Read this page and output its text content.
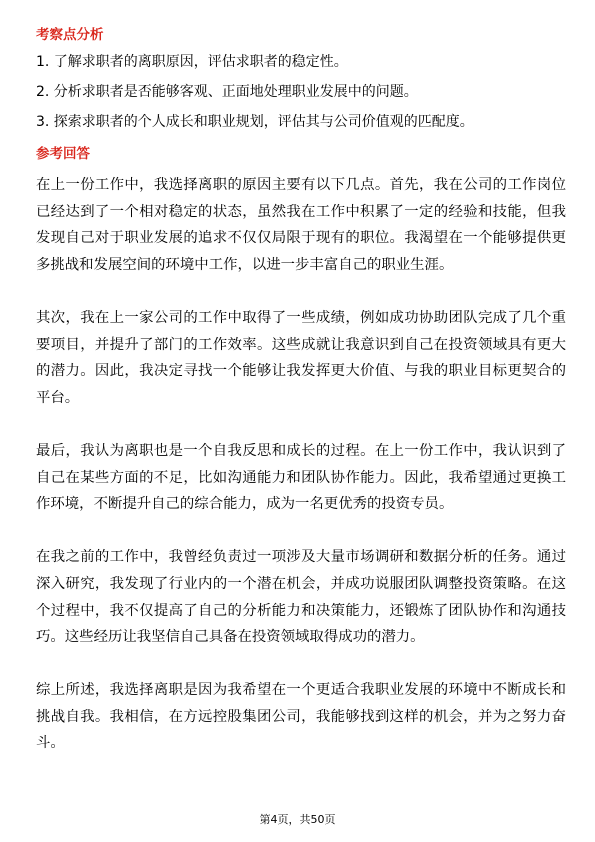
考察点分析
1. 了解求职者的离职原因，评估求职者的稳定性。
2. 分析求职者是否能够客观、正面地处理职业发展中的问题。
3. 探索求职者的个人成长和职业规划，评估其与公司价值观的匹配度。
参考回答

在上一份工作中，我选择离职的原因主要有以下几点。首先，我在公司的工作岗位已经达到了一个相对稳定的状态，虽然我在工作中积累了一定的经验和技能，但我发现自己对于职业发展的追求不仅仅局限于现有的职位。我渴望在一个能够提供更多挑战和发展空间的环境中工作，以进一步丰富自己的职业生涯。

其次，我在上一家公司的工作中取得了一些成绩，例如成功协助团队完成了几个重要项目，并提升了部门的工作效率。这些成就让我意识到自己在投资领域具有更大的潜力。因此，我决定寻找一个能够让我发挥更大价值、与我的职业目标更契合的平台。

最后，我认为离职也是一个自我反思和成长的过程。在上一份工作中，我认识到了自己在某些方面的不足，比如沟通能力和团队协作能力。因此，我希望通过更换工作环境，不断提升自己的综合能力，成为一名更优秀的投资专员。

在我之前的工作中，我曾经负责过一项涉及大量市场调研和数据分析的任务。通过深入研究，我发现了行业内的一个潜在机会，并成功说服团队调整投资策略。在这个过程中，我不仅提高了自己的分析能力和决策能力，还锻炼了团队协作和沟通技巧。这些经历让我坚信自己具备在投资领域取得成功的潜力。

综上所述，我选择离职是因为我希望在一个更适合我职业发展的环境中不断成长和挑战自我。我相信，在方远控股集团公司，我能够找到这样的机会，并为之努力奋斗。

第4页，共50页
